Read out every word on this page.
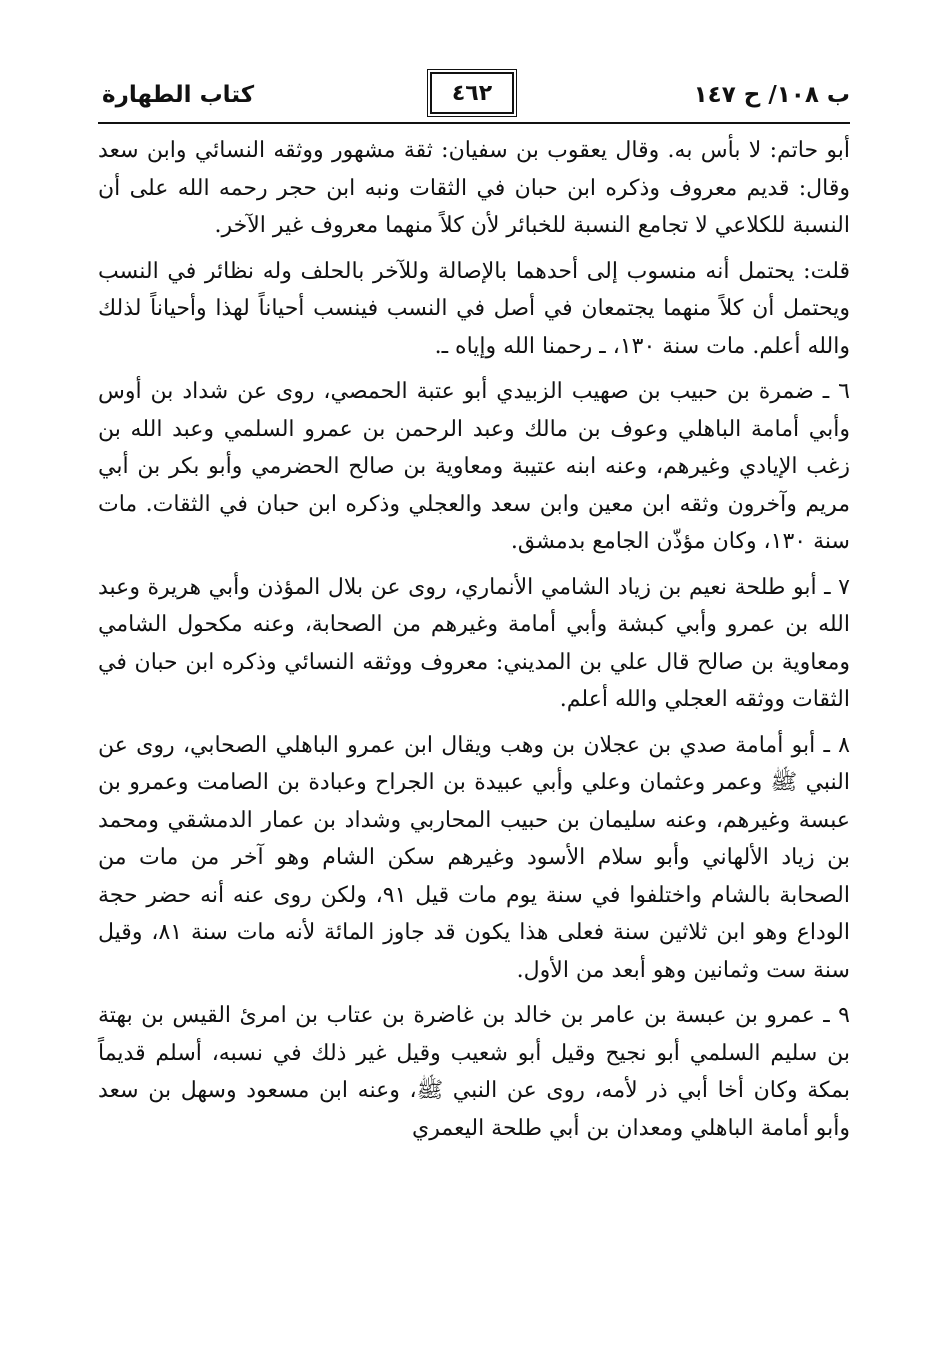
ب ١٠٨/ ح ١٤٧
٤٦٢
كتاب الطهارة

أبو حاتم: لا بأس به. وقال يعقوب بن سفيان: ثقة مشهور ووثقه النسائي وابن سعد وقال: قديم معروف وذكره ابن حبان في الثقات ونبه ابن حجر رحمه الله على أن النسبة للكلاعي لا تجامع النسبة للخبائر لأن كلاً منهما معروف غير الآخر.

قلت: يحتمل أنه منسوب إلى أحدهما بالإصالة وللآخر بالحلف وله نظائر في النسب ويحتمل أن كلاً منهما يجتمعان في أصل في النسب فينسب أحياناً لهذا وأحياناً لذلك والله أعلم. مات سنة ١٣٠، ـ رحمنا الله وإياه ـ.

٦ ـ ضمرة بن حبيب بن صهيب الزبيدي أبو عتبة الحمصي، روى عن شداد بن أوس وأبي أمامة الباهلي وعوف بن مالك وعبد الرحمن بن عمرو السلمي وعبد الله بن زغب الإيادي وغيرهم، وعنه ابنه عتيبة ومعاوية بن صالح الحضرمي وأبو بكر بن أبي مريم وآخرون وثقه ابن معين وابن سعد والعجلي وذكره ابن حبان في الثقات. مات سنة ١٣٠، وكان مؤذّن الجامع بدمشق.

٧ ـ أبو طلحة نعيم بن زياد الشامي الأنماري، روى عن بلال المؤذن وأبي هريرة وعبد الله بن عمرو وأبي كبشة وأبي أمامة وغيرهم من الصحابة، وعنه مكحول الشامي ومعاوية بن صالح قال علي بن المديني: معروف ووثقه النسائي وذكره ابن حبان في الثقات ووثقه العجلي والله أعلم.

٨ ـ أبو أمامة صدي بن عجلان بن وهب ويقال ابن عمرو الباهلي الصحابي، روى عن النبي ﷺ وعمر وعثمان وعلي وأبي عبيدة بن الجراح وعبادة بن الصامت وعمرو بن عبسة وغيرهم، وعنه سليمان بن حبيب المحاربي وشداد بن عمار الدمشقي ومحمد بن زياد الألهاني وأبو سلام الأسود وغيرهم سكن الشام وهو آخر من مات من الصحابة بالشام واختلفوا في سنة يوم مات قيل ٩١، ولكن روى عنه أنه حضر حجة الوداع وهو ابن ثلاثين سنة فعلى هذا يكون قد جاوز المائة لأنه مات سنة ٨١، وقيل سنة ست وثمانين وهو أبعد من الأول.

٩ ـ عمرو بن عبسة بن عامر بن خالد بن غاضرة بن عتاب بن امرئ القيس بن بهتة بن سليم السلمي أبو نجيح وقيل أبو شعيب وقيل غير ذلك في نسبه، أسلم قديماً بمكة وكان أخا أبي ذر لأمه، روى عن النبي ﷺ، وعنه ابن مسعود وسهل بن سعد وأبو أمامة الباهلي ومعدان بن أبي طلحة اليعمري
